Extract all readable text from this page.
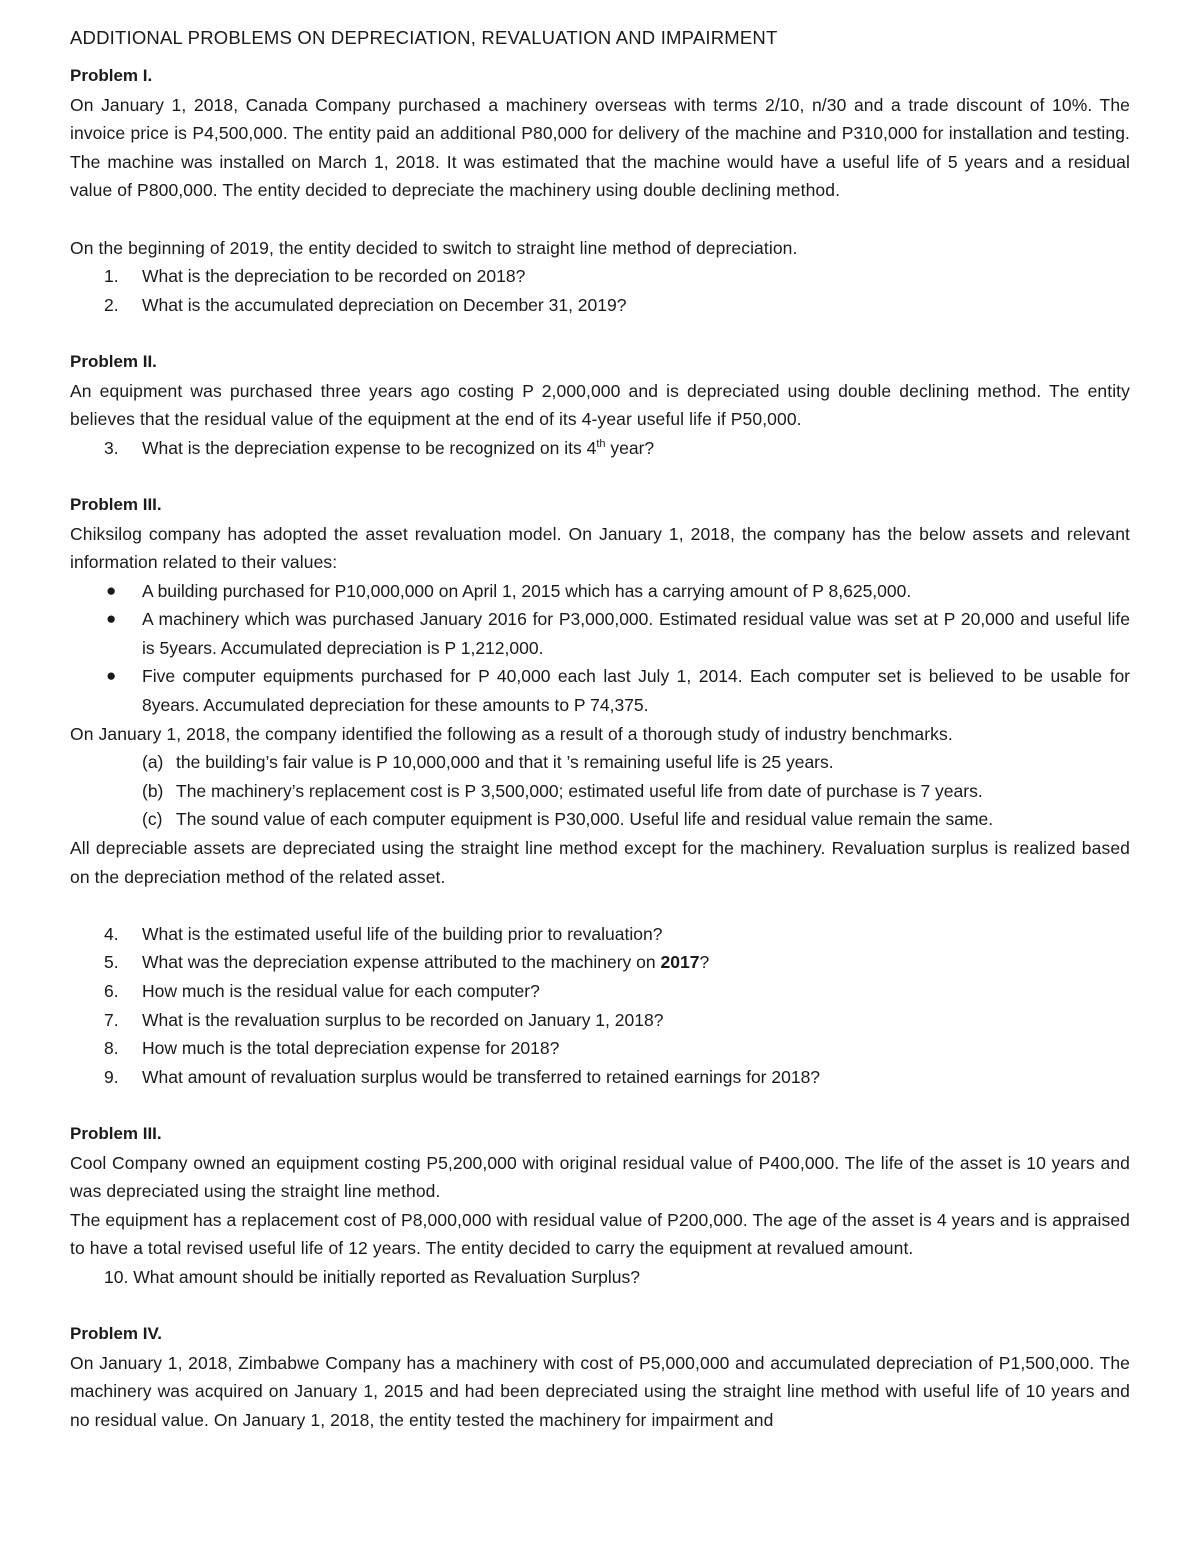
ADDITIONAL PROBLEMS ON DEPRECIATION, REVALUATION AND IMPAIRMENT
Problem I.

On January 1, 2018, Canada Company purchased a machinery overseas with terms 2/10, n/30 and a trade discount of 10%. The invoice price is P4,500,000. The entity paid an additional P80,000 for delivery of the machine and P310,000 for installation and testing. The machine was installed on March 1, 2018. It was estimated that the machine would have a useful life of 5 years and a residual value of P800,000. The entity decided to depreciate the machinery using double declining method.

On the beginning of 2019, the entity decided to switch to straight line method of depreciation.

1.	What is the depreciation to be recorded on 2018?
2.	What is the accumulated depreciation on December 31, 2019?
Problem II.

An equipment was purchased three years ago costing P 2,000,000 and is depreciated using double declining method. The entity believes that the residual value of the equipment at the end of its 4-year useful life if P50,000.

3.	What is the depreciation expense to be recognized on its 4th year?
Problem III.

Chiksilog company has adopted the asset revaluation model. On January 1, 2018, the company has the below assets and relevant information related to their values:

● A building purchased for P10,000,000 on April 1, 2015 which has a carrying amount of P 8,625,000.
● A machinery which was purchased January 2016 for P3,000,000. Estimated residual value was set at P 20,000 and useful life is 5years. Accumulated depreciation is P 1,212,000.
● Five computer equipments purchased for P 40,000 each last July 1, 2014. Each computer set is believed to be usable for 8years. Accumulated depreciation for these amounts to P 74,375.

On January 1, 2018, the company identified the following as a result of a thorough study of industry benchmarks.

(a) the building’s fair value is P 10,000,000 and that it ’s remaining useful life is 25 years.
(b) The machinery’s replacement cost is P 3,500,000; estimated useful life from date of purchase is 7 years.
(c) The sound value of each computer equipment is P30,000. Useful life and residual value remain the same.

All depreciable assets are depreciated using the straight line method except for the machinery. Revaluation surplus is realized based on the depreciation method of the related asset.

4.	What is the estimated useful life of the building prior to revaluation?
5.	What was the depreciation expense attributed to the machinery on 2017?
6.	How much is the residual value for each computer?
7.	What is the revaluation surplus to be recorded on January 1, 2018?
8.	How much is the total depreciation expense for 2018?
9.	What amount of revaluation surplus would be transferred to retained earnings for 2018?
Problem III.

Cool Company owned an equipment costing P5,200,000 with original residual value of P400,000. The life of the asset is 10 years and was depreciated using the straight line method.

The equipment has a replacement cost of P8,000,000 with residual value of P200,000. The age of the asset is 4 years and is appraised to have a total revised useful life of 12 years. The entity decided to carry the equipment at revalued amount.

10. What amount should be initially reported as Revaluation Surplus?
Problem IV.

On January 1, 2018, Zimbabwe Company has a machinery with cost of P5,000,000 and accumulated depreciation of P1,500,000. The machinery was acquired on January 1, 2015 and had been depreciated using the straight line method with useful life of 10 years and no residual value. On January 1, 2018, the entity tested the machinery for impairment and
